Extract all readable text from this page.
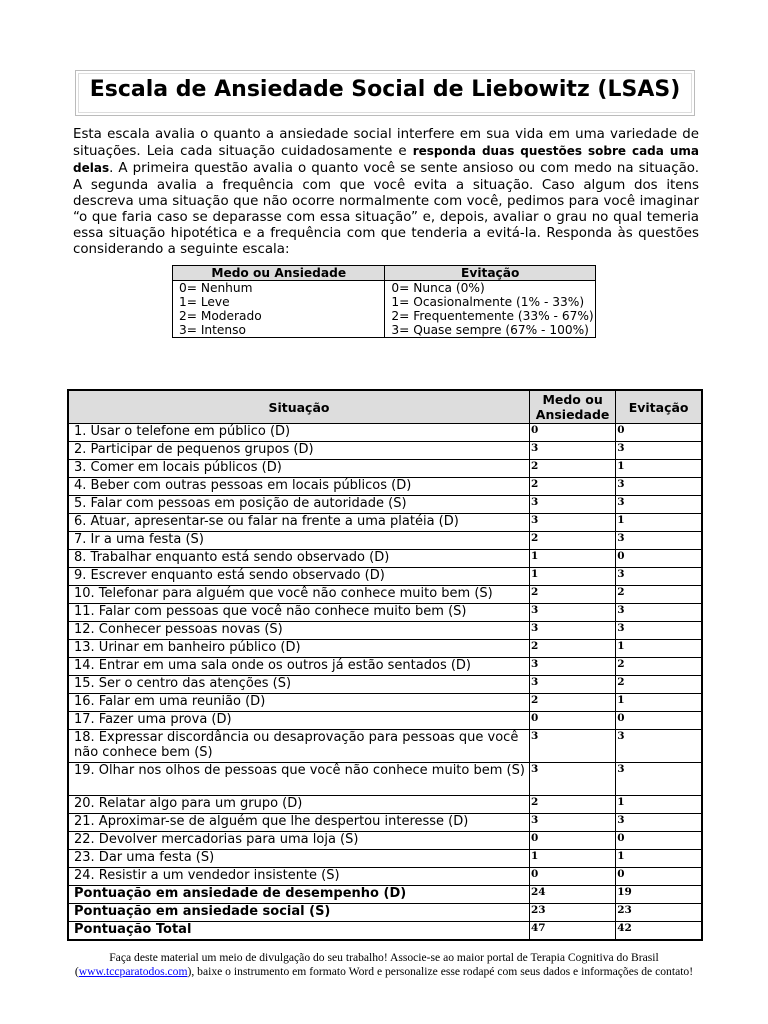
Escala de Ansiedade Social de Liebowitz (LSAS)
Esta escala avalia o quanto a ansiedade social interfere em sua vida em uma variedade de situações. Leia cada situação cuidadosamente e responda duas questões sobre cada uma delas. A primeira questão avalia o quanto você se sente ansioso ou com medo na situação. A segunda avalia a frequência com que você evita a situação. Caso algum dos itens descreva uma situação que não ocorre normalmente com você, pedimos para você imaginar “o que faria caso se deparasse com essa situação” e, depois, avaliar o grau no qual temeria essa situação hipotética e a frequência com que tenderia a evitá-la. Responda às questões considerando a seguinte escala:
Medo ou Ansiedade	Evitação
0= Nenhum	0= Nunca (0%)
1= Leve	1= Ocasionalmente (1% - 33%)
2= Moderado	2= Frequentemente (33% - 67%)
3= Intenso	3= Quase sempre (67% - 100%)
Situação	Medo ou Ansiedade	Evitação
1. Usar o telefone em público (D)	0	0
2. Participar de pequenos grupos (D)	3	3
3. Comer em locais públicos (D)	2	1
4. Beber com outras pessoas em locais públicos (D)	2	3
5. Falar com pessoas em posição de autoridade (S)	3	3
6. Atuar, apresentar-se ou falar na frente a uma platéia (D)	3	1
7. Ir a uma festa (S)	2	3
8. Trabalhar enquanto está sendo observado (D)	1	0
9. Escrever enquanto está sendo observado (D)	1	3
10. Telefonar para alguém que você não conhece muito bem (S)	2	2
11. Falar com pessoas que você não conhece muito bem (S)	3	3
12. Conhecer pessoas novas (S)	3	3
13. Urinar em banheiro público (D)	2	1
14. Entrar em uma sala onde os outros já estão sentados (D)	3	2
15. Ser o centro das atenções (S)	3	2
16. Falar em uma reunião (D)	2	1
17. Fazer uma prova (D)	0	0
18. Expressar discordância ou desaprovação para pessoas que você não conhece bem (S)	3	3
19. Olhar nos olhos de pessoas que você não conhece muito bem (S)	3	3
20. Relatar algo para um grupo (D)	2	1
21. Aproximar-se de alguém que lhe despertou interesse (D)	3	3
22. Devolver mercadorias para uma loja (S)	0	0
23. Dar uma festa (S)	1	1
24. Resistir a um vendedor insistente (S)	0	0
Pontuação em ansiedade de desempenho (D)	24	19
Pontuação em ansiedade social (S)	23	23
Pontuação Total	47	42
Faça deste material um meio de divulgação do seu trabalho! Associe-se ao maior portal de Terapia Cognitiva do Brasil
(www.tccparatodos.com), baixe o instrumento em formato Word e personalize esse rodapé com seus dados e informações de contato!
